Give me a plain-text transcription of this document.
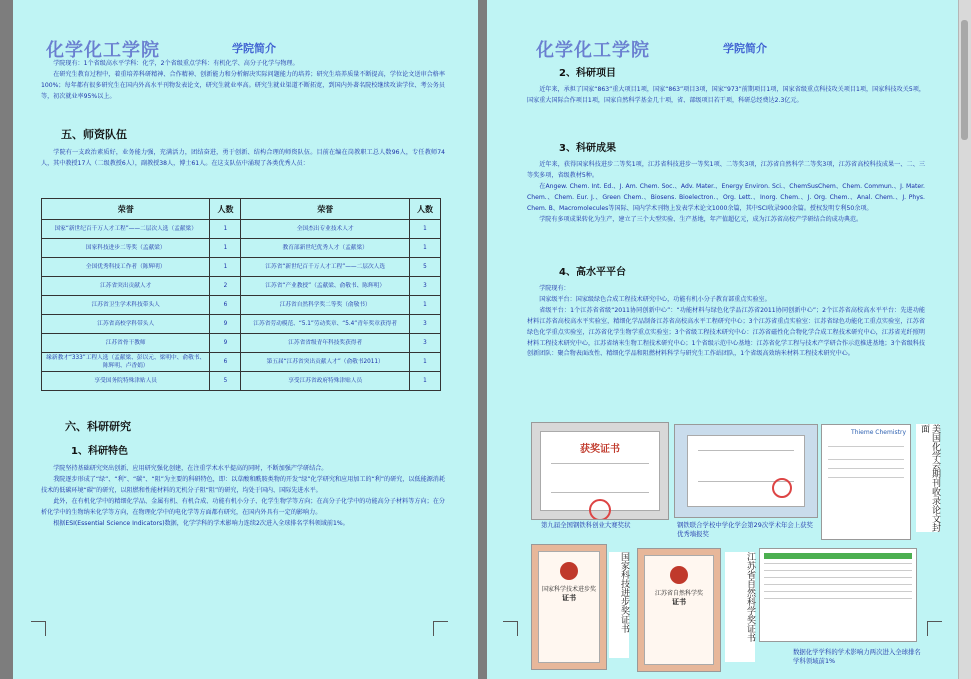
化学化工学院	学院简介

学院现有：1个省级高水平学科：化学，2个省级重点学科：有机化学、高分子化学与物理。

在研究生教育过程中，着重培养科研精神、合作精神、创新能力和分析解决实际问题能力的培养；研究生培养质量不断提高，学位论文送审合格率100%；每年都有很多研究生在国内外高水平刊物发表论文，研究生就业率高。研究生就业渠道不断拓宽，到国内外著名院校继续攻读学位、考公务员等，初次就业率95%以上。

五、师资队伍

学院有一支政治素质好，业务能力强，充满活力，团结奋进，勇于创新、结构合理的师资队伍。目前在编在岗教职工总人数96人，专任教师74人，其中教授17人（二级教授6人），副教授38人，博士61人。在这支队伍中涌现了各类优秀人员：

荣誉	人数	荣誉	人数
国家“新世纪百千万人才工程”——二层次人选（孟献梁）	1	全国杰出专业技术人才	1
国家科技进步二等奖（孟献梁）	1	教育部新世纪优秀人才（孟献梁）	1
全国优秀科技工作者（陈辉明）	1	江苏省“新世纪百千万人才工程”——二层次人选	5
江苏省突出贡献人才	2	江苏省“产业教授”（孟献梁、俞敬书、陈辉明）	3
江苏省卫生学术科技带头人	6	江苏省自然科学奖二等奖（俞敬书）	1
江苏省高校学科带头人	9	江苏省劳动模范、“5.1”劳动奖章、“5.4”青年奖章获得者	3
江苏省骨干教师	9	江苏省省级青年科技奖获得者	3
缘新教才“333”工程人选（孟献梁、彭以元、梁明中、俞敬书、陈辉明、卢香娟）	6	第五届“江苏省突出贡献人才”（俞敬书2011）	1
享受国务院特殊津贴人员	5	享受江苏省政府特殊津贴人员	1
六、科研研究
1、科研特色

学院坚持基础研究突出创新、应用研究强化创建，在注重学术水平提高的同时，不断加强产学研结合。

我院逐步形成了“绿”、“利”、“碳”、“阻”为主要的科研特色，即：以草酸和酰胺类物的开发“绿”化学研究和应用加工的“利”的研究，以低能源消耗技术的低碳环境“碳”的研究，以阻燃和性能材料的无机分子阻“阻”的研究，均处于国内、国际先进水平。

此外，在有机化学中的精细化学品、金属有机、有机合成、功能有机小分子、化学生物学等方向；在高分子化学中的功能高分子材料等方向；在分析化学中的生物纳米化学等方向，在物理化学中的电化学等方面都有研究，在国内外具有一定的影响力。

根据ESI(Essential Science Indicators)数据，化学学科的学术影响力连续2次进入全球排名学科领域前1%。

化学化工学院	学院简介
2、科研项目

近年来，承担了国家“863”重大项目1项，国家“863”项目3项，国家“973”前期项目1项，国家省级重点科技攻关项目1项，国家科技攻关5项，国家重大国际合作项目1项，国家自然科学基金几十项，省、部级项目若干项，科研总经费达2.3亿元。

3、科研成果

近年来，获得国家科技进步二等奖1项，江苏省科技进步一等奖1项、二等奖3项，江苏省自然科学二等奖3项，江苏省高校科技成果一、二、三等奖多项，省级教材5种。

在Angew. Chem. Int. Ed.、J. Am. Chem. Soc.、Adv. Mater.、Energy Environ. Sci.、ChemSusChem、Chem. Commun.、J. Mater. Chem.、Chem. Eur. J.、Green Chem.、Biosens. Bioelectron.、Org. Lett.、Inorg. Chem.、J. Org. Chem.、Anal. Chem.、J. Phys. Chem. B、Macromolecules等国际、国内学术刊物上发表学术论文1000余篇，其中SCI收录900余篇。授权发明专利50余项。

学院有多项成果转化为生产，建立了三个大型实验、生产基地，年产值超亿元，成为江苏省高校产学研结合的成功典范。

4、高水平平台

学院现有：

国家级平台：国家级绿色合成工程技术研究中心，功能有机小分子教育部重点实验室。

省级平台：1个江苏省省级“2011协同创新中心”：“功能材料与绿色化学品江苏省2011协同创新中心”；2个江苏省高校高水平平台：先进功能材料江苏省高校高水平实验室，精细化学品制备江苏省高校高水平工程研究中心；3个江苏省重点实验室：江苏省绿色功能化工重点实验室，江苏省绿色化学重点实验室，江苏省化学生物学重点实验室；3个省级工程技术研究中心：江苏省磁性化合物化学合成工程技术研究中心，江苏省光纤照明材料工程技术研究中心，江苏省纳米生物工程技术研究中心；1个省级示范中心基地：江苏省化学工程与技术产学研合作示范推进基地；3个省级科技创新团队：聚合物表面改性、精细化学品和阻燃材料科学与研究生工作站团队，1个省级高效纳米材料工程技术研究中心。

获奖证书
Thieme Chemistry	美国化学会期刊收录论文封面
第九届全国钢铁科创业大赛奖状	钢铁联合学校中学化学会第29次学术年会上获奖优秀墙报奖
国家科学技术进步奖
证书	国家科技进步奖证书	江苏省自然科学奖
证书	江苏省自然科学奖证书
数据化学学科的学术影响力两次进入全球排名学科领域前1%
